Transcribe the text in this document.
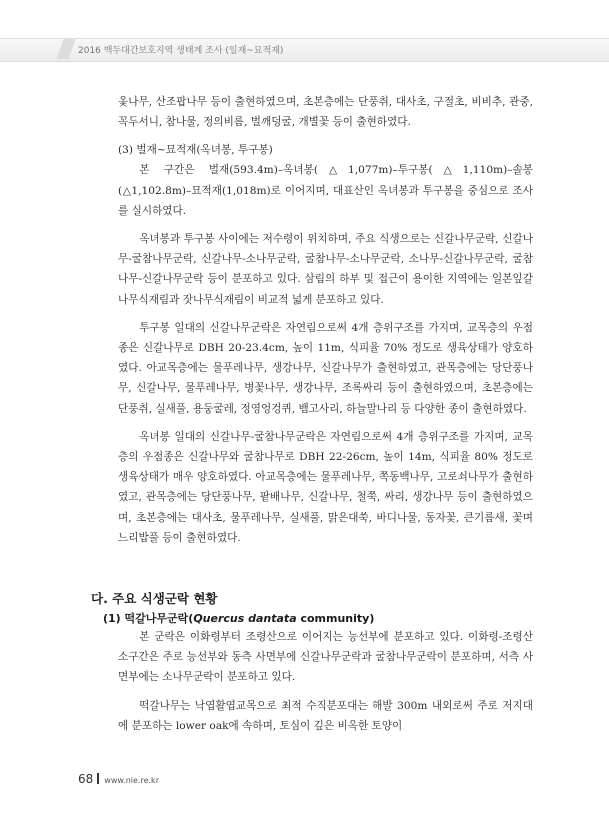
2016 백두대간보호지역 생태계 조사 (일재~묘적재)

옻나무, 산조팝나무 등이 출현하였으며, 초본층에는 단풍취, 대사초, 구절초, 비비추, 관중, 꼭두서니, 참나물, 정의비름, 벌깨덩굴, 개별꽃 등이 출현하였다.

(3) 벌재~묘적재(옥녀봉, 투구봉)

본 구간은 벌재(593.4m)–옥녀봉(△1,077m)–투구봉(△1,110m)–솔봉(△1,102.8m)–묘적재(1,018m)로 이어지며, 대표산인 옥녀봉과 투구봉을 중심으로 조사를 실시하였다.

옥녀봉과 투구봉 사이에는 저수령이 위치하며, 주요 식생으로는 신갈나무군락, 신갈나무-굴참나무군락, 신갈나무-소나무군락, 굴참나무-소나무군락, 소나무-신갈나무군락, 굴참나무-신갈나무군락 등이 분포하고 있다. 삼림의 하부 및 접근이 용이한 지역에는 일본잎갈나무식재림과 잣나무식재림이 비교적 넓게 분포하고 있다.

투구봉 일대의 신갈나무군락은 자연림으로써 4개 층위구조를 가지며, 교목층의 우점종은 신갈나무로 DBH 20-23.4cm, 높이 11m, 식피율 70% 정도로 생육상태가 양호하였다. 아교목층에는 물푸레나무, 생강나무, 신갈나무가 출현하였고, 관목층에는 당단풍나무, 신갈나무, 물푸레나무, 병꽃나무, 생강나무, 조록싸리 등이 출현하였으며, 초본층에는 단풍취, 실새풀, 용둥굴레, 정영엉겅퀴, 뱀고사리, 하늘말나리 등 다양한 종이 출현하였다.

옥녀봉 일대의 신갈나무-굴참나무군락은 자연림으로써 4개 층위구조를 가지며, 교목층의 우점종은 신갈나무와 굴참나무로 DBH 22-26cm, 높이 14m, 식피율 80% 정도로 생육상태가 매우 양호하였다. 아교목층에는 물푸레나무, 쪽동백나무, 고로쇠나무가 출현하였고, 관목층에는 당단풍나무, 팥배나무, 신갈나무, 철쭉, 싸리, 생강나무 등이 출현하였으며, 초본층에는 대사초, 물푸레나무, 실새풀, 맑은대쑥, 바디나물, 동자꽃, 큰기름새, 꽃며느리밥풀 등이 출현하였다.

다. 주요 식생군락 현황
(1) 떡갈나무군락(Quercus dantata community)

본 군락은 이화령부터 조령산으로 이어지는 능선부에 분포하고 있다. 이화령-조령산 소구간은 주로 능선부와 동측 사면부에 신갈나무군락과 굴참나무군락이 분포하며, 서측 사면부에는 소나무군락이 분포하고 있다.

떡갈나무는 낙엽활엽교목으로 최적 수직분포대는 해발 300m 내외로써 주로 저지대에 분포하는 lower oak에 속하며, 토심이 깊은 비옥한 토양이

68 www.nie.re.kr
